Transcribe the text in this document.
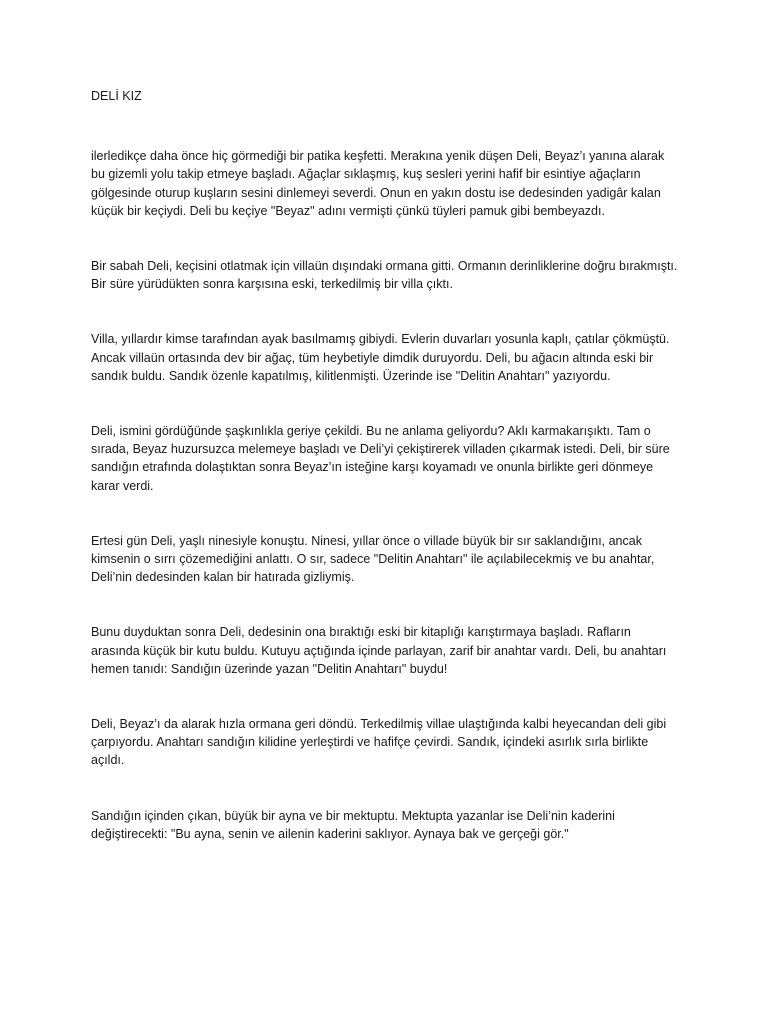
DELİ KIZ

ilerledikçe daha önce hiç görmediği bir patika keşfetti. Merakına yenik düşen Deli, Beyaz’ı yanına alarak bu gizemli yolu takip etmeye başladı. Ağaçlar sıklaşmış, kuş sesleri yerini hafif bir esintiye ağaçların gölgesinde oturup kuşların sesini dinlemeyi severdi. Onun en yakın dostu ise dedesinden yadigâr kalan küçük bir keçiydi. Deli bu keçiye "Beyaz" adını vermişti çünkü tüyleri pamuk gibi bembeyazdı.

Bir sabah Deli, keçisini otlatmak için villaün dışındaki ormana gitti. Ormanın derinliklerine doğru bırakmıştı. Bir süre yürüdükten sonra karşısına eski, terkedilmiş bir villa çıktı.

Villa, yıllardır kimse tarafından ayak basılmamış gibiydi. Evlerin duvarları yosunla kaplı, çatılar çökmüştü. Ancak villaün ortasında dev bir ağaç, tüm heybetiyle dimdik duruyordu. Deli, bu ağacın altında eski bir sandık buldu. Sandık özenle kapatılmış, kilitlenmişti. Üzerinde ise "Delitin Anahtarı" yazıyordu.

Deli, ismini gördüğünde şaşkınlıkla geriye çekildi. Bu ne anlama geliyordu? Aklı karmakarışıktı. Tam o sırada, Beyaz huzursuzca melemeye başladı ve Deli’yi çekiştirerek villaden çıkarmak istedi. Deli, bir süre sandığın etrafında dolaştıktan sonra Beyaz’ın isteğine karşı koyamadı ve onunla birlikte geri dönmeye karar verdi.

Ertesi gün Deli, yaşlı ninesiyle konuştu. Ninesi, yıllar önce o villade büyük bir sır saklandığını, ancak kimsenin o sırrı çözemediğini anlattı. O sır, sadece "Delitin Anahtarı" ile açılabilecekmiş ve bu anahtar, Deli’nin dedesinden kalan bir hatırada gizliymiş.

Bunu duyduktan sonra Deli, dedesinin ona bıraktığı eski bir kitaplığı karıştırmaya başladı. Rafların arasında küçük bir kutu buldu. Kutuyu açtığında içinde parlayan, zarif bir anahtar vardı. Deli, bu anahtarı hemen tanıdı: Sandığın üzerinde yazan "Delitin Anahtarı" buydu!

Deli, Beyaz’ı da alarak hızla ormana geri döndü. Terkedilmiş villae ulaştığında kalbi heyecandan deli gibi çarpıyordu. Anahtarı sandığın kilidine yerleştirdi ve hafifçe çevirdi. Sandık, içindeki asırlık sırla birlikte açıldı.

Sandığın içinden çıkan, büyük bir ayna ve bir mektuptu. Mektupta yazanlar ise Deli’nin kaderini değiştirecekti: "Bu ayna, senin ve ailenin kaderini saklıyor. Aynaya bak ve gerçeği gör."
